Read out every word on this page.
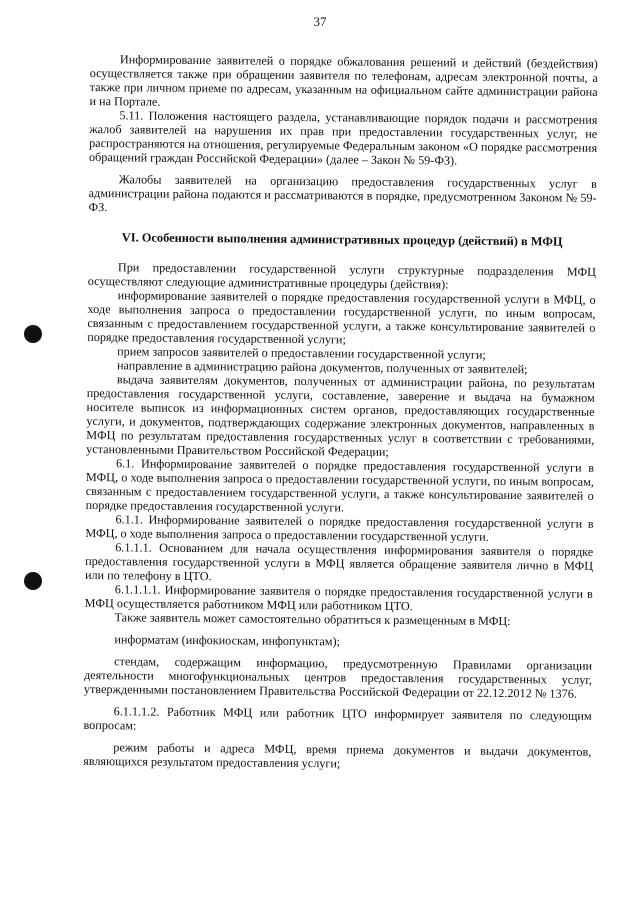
37

Информирование заявителей о порядке обжалования решений и действий (бездействия) осуществляется также при обращении заявителя по телефонам, адресам электронной почты, а также при личном приеме по адресам, указанным на официальном сайте администрации района и на Портале.

5.11. Положения настоящего раздела, устанавливающие порядок подачи и рассмотрения жалоб заявителей на нарушения их прав при предоставлении государственных услуг, не распространяются на отношения, регулируемые Федеральным законом «О порядке рассмотрения обращений граждан Российской Федерации» (далее – Закон № 59-ФЗ).

Жалобы заявителей на организацию предоставления государственных услуг в администрации района подаются и рассматриваются в порядке, предусмотренном Законом № 59-ФЗ.

VI. Особенности выполнения административных процедур (действий) в МФЦ

При предоставлении государственной услуги структурные подразделения МФЦ осуществляют следующие административные процедуры (действия):

информирование заявителей о порядке предоставления государственной услуги в МФЦ, о ходе выполнения запроса о предоставлении государственной услуги, по иным вопросам, связанным с предоставлением государственной услуги, а также консультирование заявителей о порядке предоставления государственной услуги;

прием запросов заявителей о предоставлении государственной услуги;

направление в администрацию района документов, полученных от заявителей;

выдача заявителям документов, полученных от администрации района, по результатам предоставления государственной услуги, составление, заверение и выдача на бумажном носителе выписок из информационных систем органов, предоставляющих государственные услуги, и документов, подтверждающих содержание электронных документов, направленных в МФЦ по результатам предоставления государственных услуг в соответствии с требованиями, установленными Правительством Российской Федерации;

6.1. Информирование заявителей о порядке предоставления государственной услуги в МФЦ, о ходе выполнения запроса о предоставлении государственной услуги, по иным вопросам, связанным с предоставлением государственной услуги, а также консультирование заявителей о порядке предоставления государственной услуги.

6.1.1. Информирование заявителей о порядке предоставления государственной услуги в МФЦ, о ходе выполнения запроса о предоставлении государственной услуги.

6.1.1.1. Основанием для начала осуществления информирования заявителя о порядке предоставления государственной услуги в МФЦ является обращение заявителя лично в МФЦ или по телефону в ЦТО.

6.1.1.1.1. Информирование заявителя о порядке предоставления государственной услуги в МФЦ осуществляется работником МФЦ или работником ЦТО.

Также заявитель может самостоятельно обратиться к размещенным в МФЦ:

информатам (инфокиоскам, инфопунктам);

стендам, содержащим информацию, предусмотренную Правилами организации деятельности многофункциональных центров предоставления государственных услуг, утвержденными постановлением Правительства Российской Федерации от 22.12.2012 № 1376.

6.1.1.1.2. Работник МФЦ или работник ЦТО информирует заявителя по следующим вопросам:

режим работы и адреса МФЦ, время приема документов и выдачи документов, являющихся результатом предоставления услуги;
